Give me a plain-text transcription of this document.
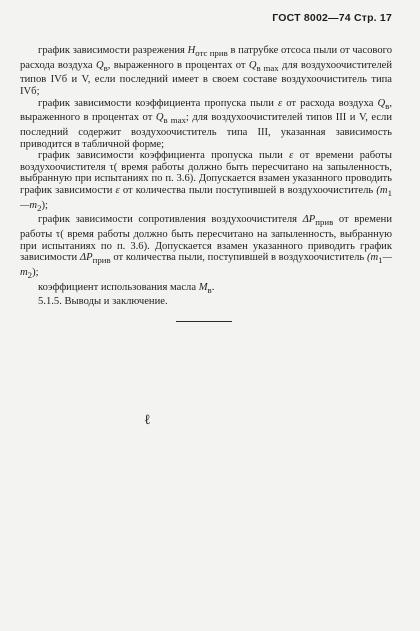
ГОСТ 8002—74 Стр. 17

график зависимости разрежения $H_{отс прив}$ в патрубке отсоса пыли от часового расхода воздуха $Q_в$, выраженного в процентах от $Q_{в max}$ для воздухоочистителей типов IVб и V, если последний имеет в своем составе воздухоочиститель типа IVб;

график зависимости коэффициента пропуска пыли ε от расхода воздуха $Q_в$, выраженного в процентах от $Q_{в max}$; для воздухоочистителей типов III и V, если последний содержит воздухоочиститель типа III, указанная зависимость приводится в табличной форме;

график зависимости коэффициента пропуска пыли ε от времени работы воздухоочистителя τ( время работы должно быть пересчитано на запыленность, выбранную при испытаниях по п. 3.6). Допускается взамен указанного проводить график зависимости ε от количества пыли поступившей в воздухоочиститель $(m_1—m_2)$;

график зависимости сопротивления воздухоочистителя $\Delta P_{прив}$ от времени работы τ( время работы должно быть пересчитано на запыленность, выбранную при испытаниях по п. 3.6). Допускается взамен указанного приводить график зависимости $\Delta P_{прив}$ от количества пыли, поступившей в воздухоочиститель $(m_1—m_2)$;

коэффициент использования масла $M_в$.

5.1.5. Выводы и заключение.

ℓ
